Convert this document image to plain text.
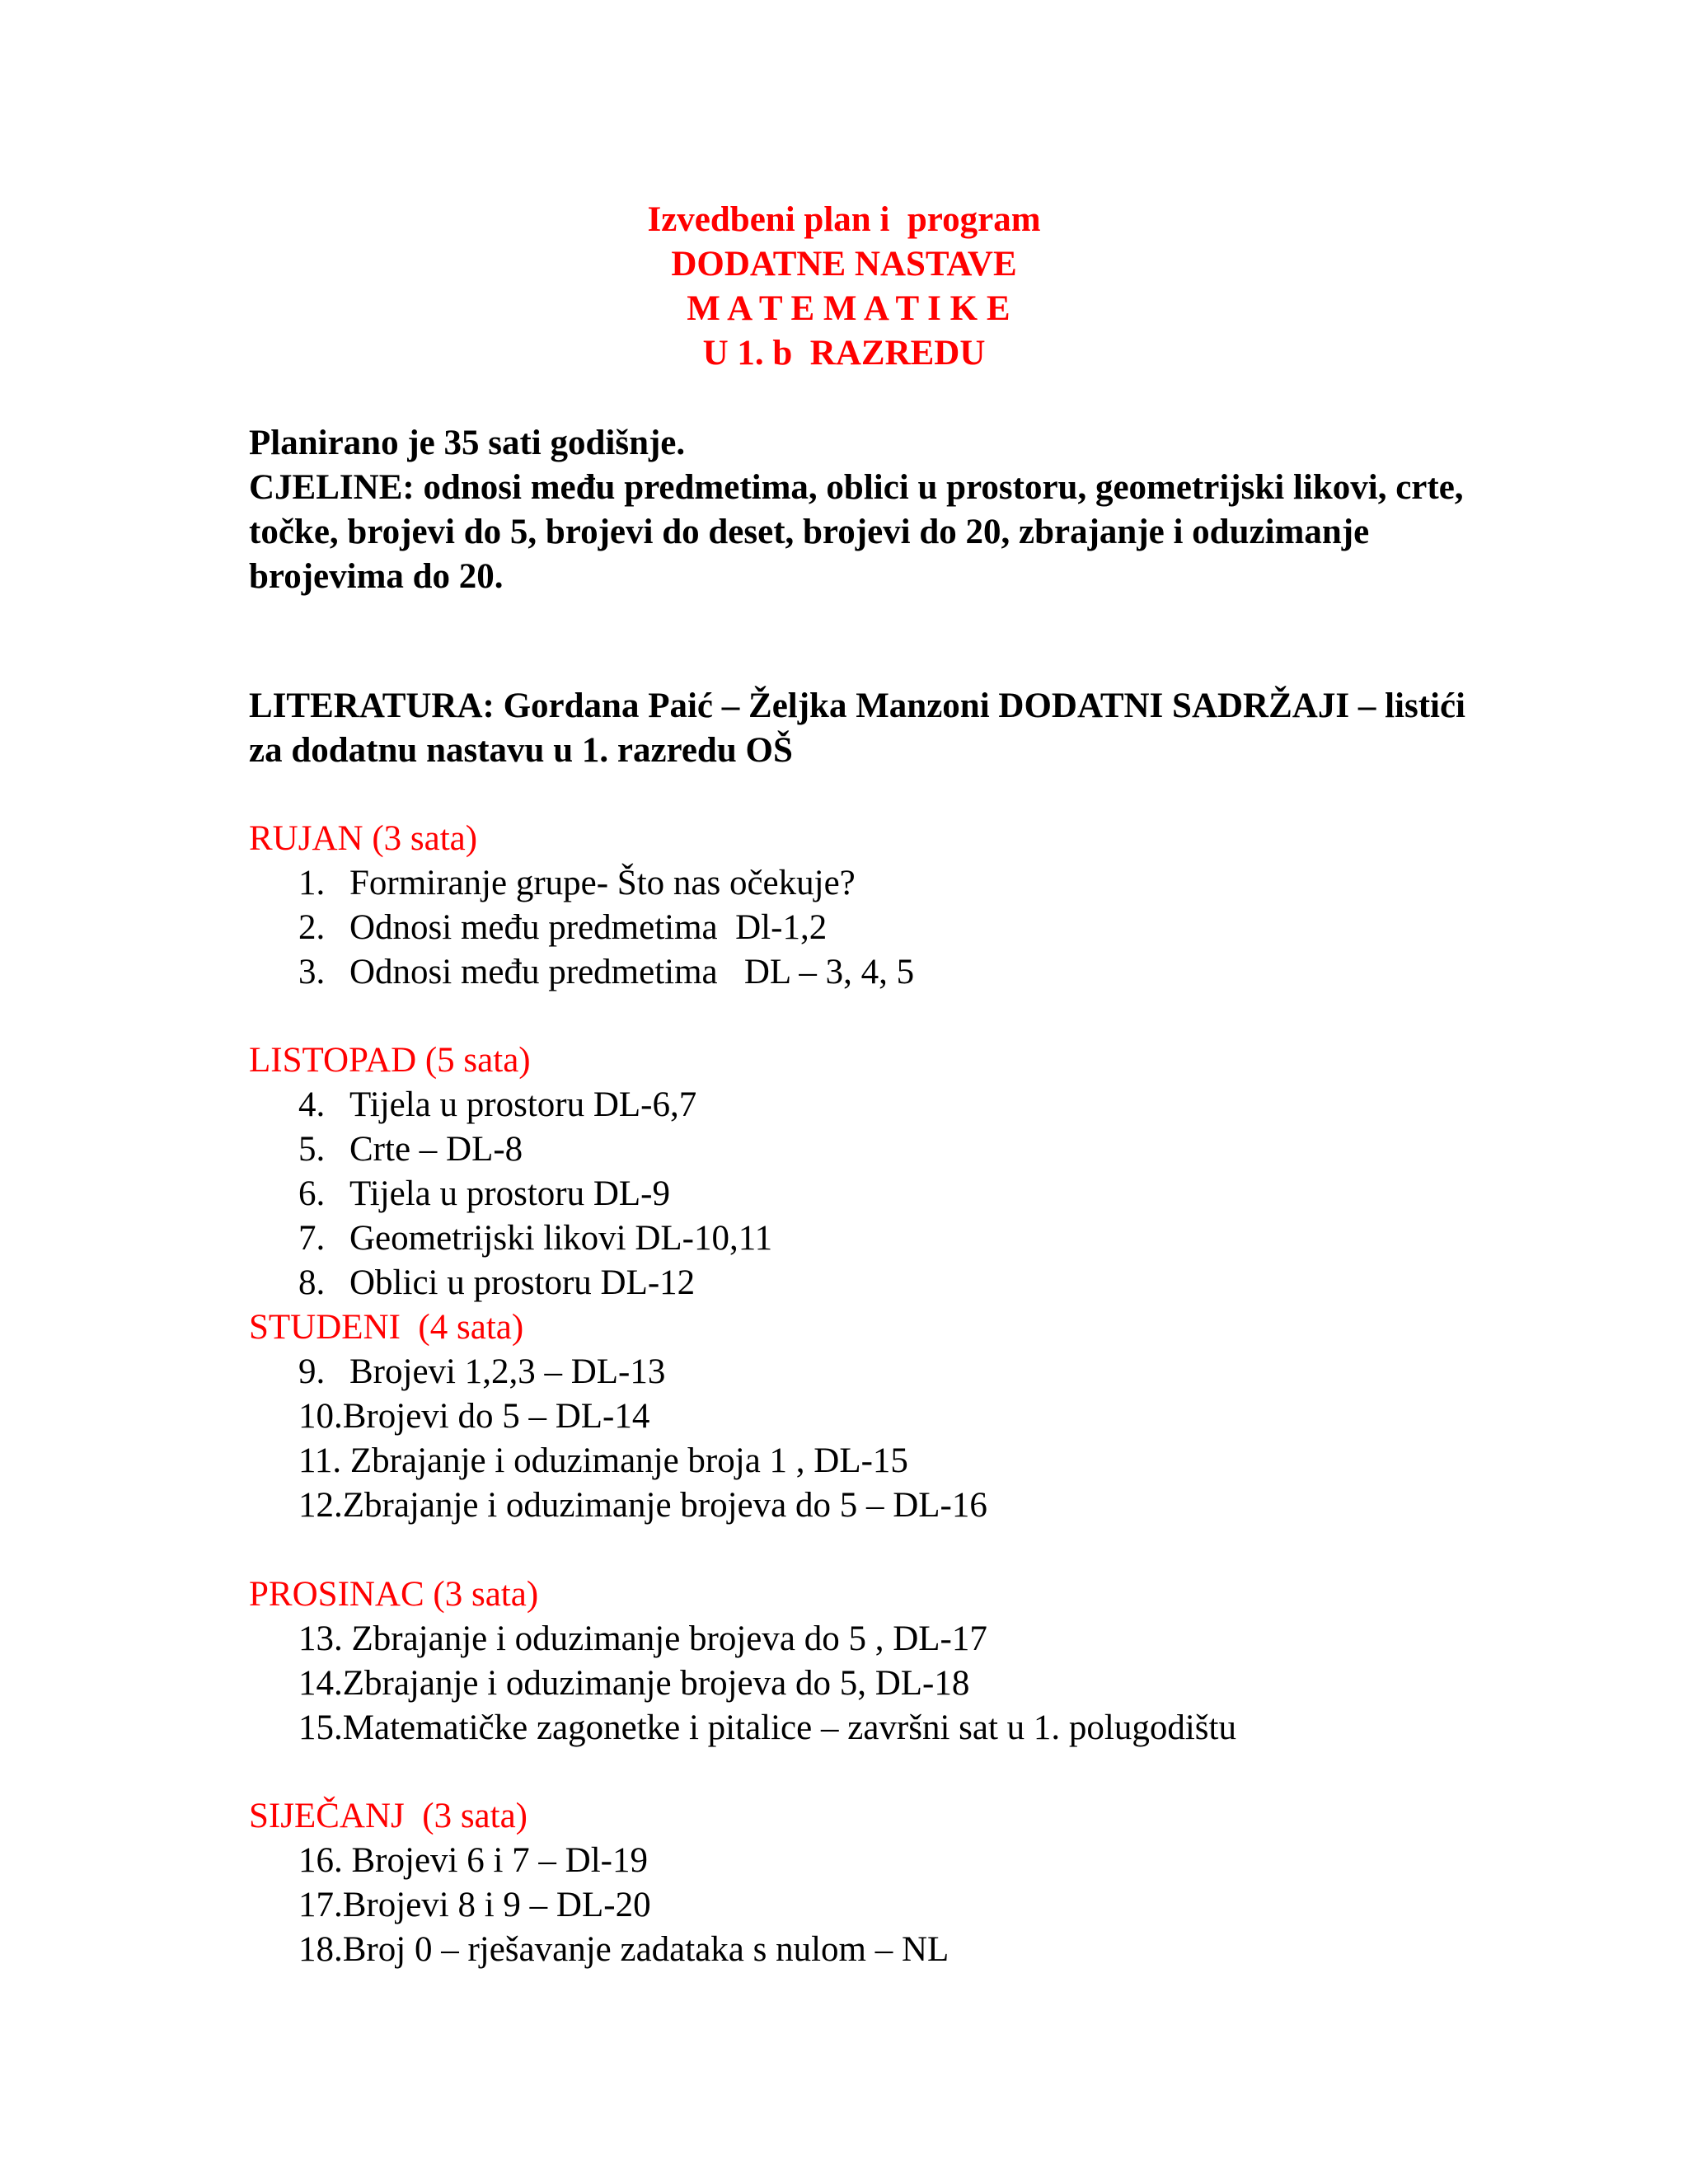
Izvedbeni plan i  program
DODATNE NASTAVE
M A T E M A T I K E
U 1. b  RAZREDU

Planirano je 35 sati godišnje.

CJELINE: odnosi među predmetima, oblici u prostoru, geometrijski likovi, crte, točke, brojevi do 5, brojevi do deset, brojevi do 20, zbrajanje i oduzimanje brojevima do 20.

LITERATURA: Gordana Paić – Željka Manzoni DODATNI SADRŽAJI – listići za dodatnu nastavu u 1. razredu OŠ

RUJAN (3 sata)
1. Formiranje grupe- Što nas očekuje?
2. Odnosi među predmetima  Dl-1,2
3. Odnosi među predmetima   DL – 3, 4, 5
LISTOPAD (5 sata)
4. Tijela u prostoru DL-6,7
5. Crte – DL-8
6. Tijela u prostoru DL-9
7. Geometrijski likovi DL-10,11
8. Oblici u prostoru DL-12
STUDENI  (4 sata)
9. Brojevi 1,2,3 – DL-13
10.Brojevi do 5 – DL-14
11. Zbrajanje i oduzimanje broja 1 , DL-15
12.Zbrajanje i oduzimanje brojeva do 5 – DL-16
PROSINAC (3 sata)
13. Zbrajanje i oduzimanje brojeva do 5 , DL-17
14.Zbrajanje i oduzimanje brojeva do 5, DL-18
15.Matematičke zagonetke i pitalice – završni sat u 1. polugodištu
SIJEČANJ  (3 sata)
16. Brojevi 6 i 7 – Dl-19
17.Brojevi 8 i 9 – DL-20
18.Broj 0 – rješavanje zadataka s nulom – NL
